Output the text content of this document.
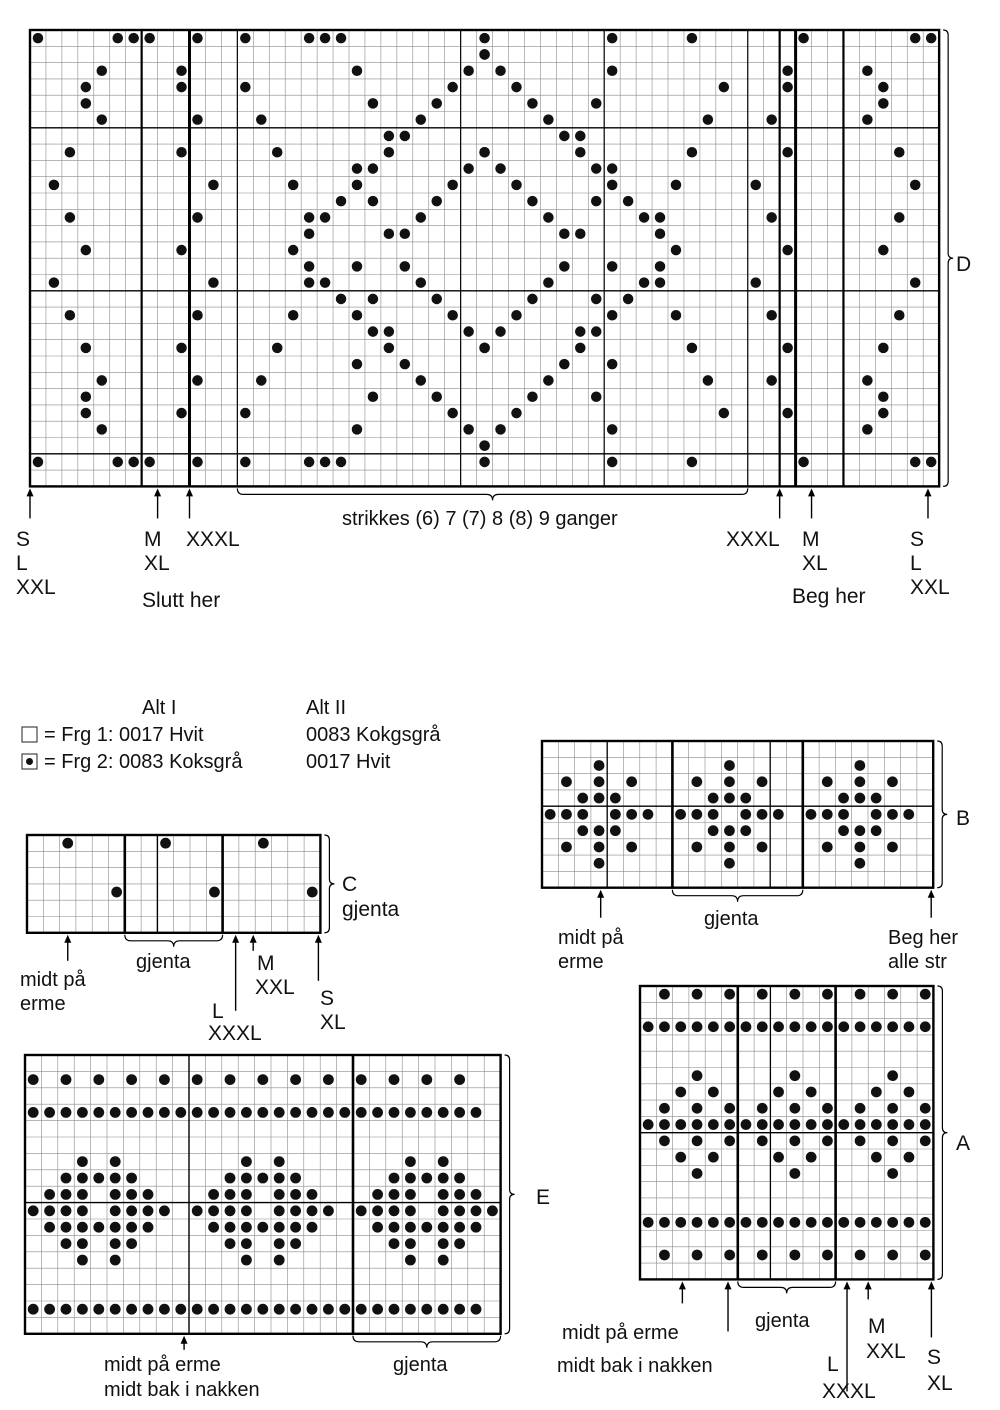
D
strikkes (6) 7 (7) 8 (8) 9 ganger
S
L
XXL
M
XL
XXXL
Slutt her
XXXL M
XL
S
L
XXL
Beg her
Alt I	Alt II
= Frg 1: 0017 Hvit	0083 Kokgsgrå
= Frg 2: 0083 Koksgrå	0017 Hvit
C
gjenta
midt på
erme
gjenta
L
XXXL
M
XXL S
XL
B
midt på
erme
gjenta
Beg her
alle str
E
midt på erme
midt bak i nakken
gjenta
A
midt på erme
midt bak i nakken
gjenta
L
XXXL
M
XXL S
XL
